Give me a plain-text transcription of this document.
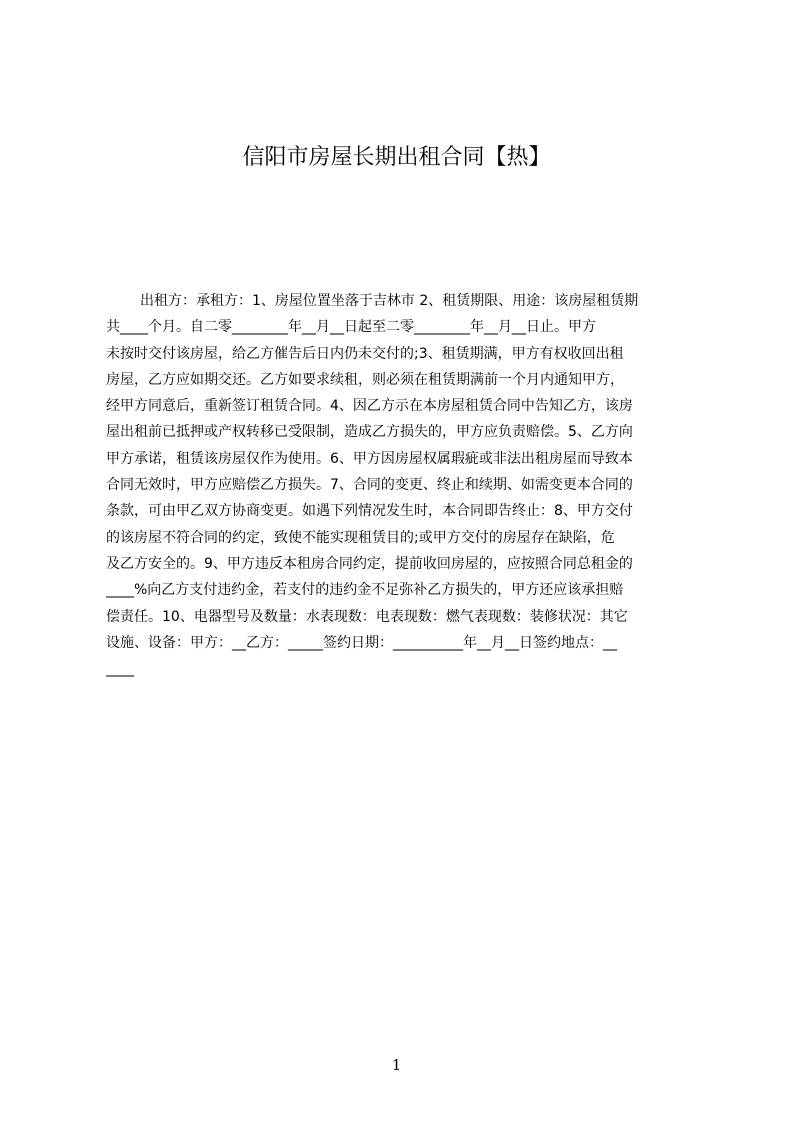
信阳市房屋长期出租合同【热】
出租方：承租方：1、房屋位置坐落于吉林市 2、租赁期限、用途：该房屋租赁期
共____个月。自二零________年__月__日起至二零________年__月__日止。甲方
未按时交付该房屋，给乙方催告后日内仍未交付的;3、租赁期满，甲方有权收回出租
房屋，乙方应如期交还。乙方如要求续租，则必须在租赁期满前一个月内通知甲方，
经甲方同意后，重新签订租赁合同。4、因乙方示在本房屋租赁合同中告知乙方，该房
屋出租前已抵押或产权转移已受限制，造成乙方损失的，甲方应负责赔偿。5、乙方向
甲方承诺，租赁该房屋仅作为使用。6、甲方因房屋权属瑕疵或非法出租房屋而导致本
合同无效时，甲方应赔偿乙方损失。7、合同的变更、终止和续期、如需变更本合同的
条款，可由甲乙双方协商变更。如遇下列情况发生时，本合同即告终止：8、甲方交付
的该房屋不符合同的约定，致使不能实现租赁目的;或甲方交付的房屋存在缺陷，危
及乙方安全的。9、甲方违反本租房合同约定，提前收回房屋的，应按照合同总租金的
____%向乙方支付违约金，若支付的违约金不足弥补乙方损失的，甲方还应该承担赔
偿责任。10、电器型号及数量：水表现数：电表现数：燃气表现数：装修状况：其它
设施、设备：甲方：__乙方：_____签约日期：__________年__月__日签约地点：__
____
1
